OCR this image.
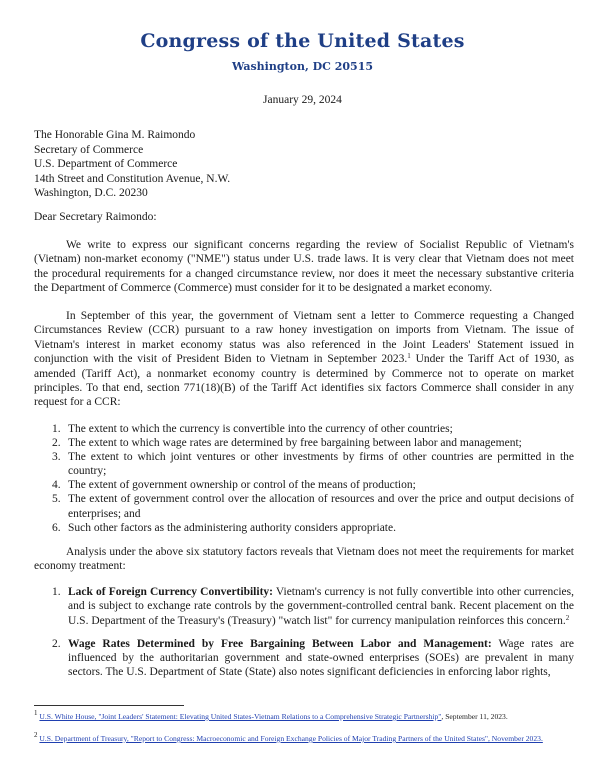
Congress of the United States
Washington, DC 20515
January 29, 2024
The Honorable Gina M. Raimondo
Secretary of Commerce
U.S. Department of Commerce
14th Street and Constitution Avenue, N.W.
Washington, D.C. 20230
Dear Secretary Raimondo:

We write to express our significant concerns regarding the review of Socialist Republic of Vietnam's (Vietnam) non-market economy ("NME") status under U.S. trade laws. It is very clear that Vietnam does not meet the procedural requirements for a changed circumstance review, nor does it meet the necessary substantive criteria the Department of Commerce (Commerce) must consider for it to be designated a market economy.

In September of this year, the government of Vietnam sent a letter to Commerce requesting a Changed Circumstances Review (CCR) pursuant to a raw honey investigation on imports from Vietnam. The issue of Vietnam's interest in market economy status was also referenced in the Joint Leaders' Statement issued in conjunction with the visit of President Biden to Vietnam in September 2023.$^1$ Under the Tariff Act of 1930, as amended (Tariff Act), a nonmarket economy country is determined by Commerce not to operate on market principles. To that end, section 771(18)(B) of the Tariff Act identifies six factors Commerce shall consider in any request for a CCR:

1. The extent to which the currency is convertible into the currency of other countries;
2. The extent to which wage rates are determined by free bargaining between labor and management;
3. The extent to which joint ventures or other investments by firms of other countries are permitted in the country;
4. The extent of government ownership or control of the means of production;
5. The extent of government control over the allocation of resources and over the price and output decisions of enterprises; and
6. Such other factors as the administering authority considers appropriate.

Analysis under the above six statutory factors reveals that Vietnam does not meet the requirements for market economy treatment:

1. Lack of Foreign Currency Convertibility: Vietnam's currency is not fully convertible into other currencies, and is subject to exchange rate controls by the government-controlled central bank. Recent placement on the U.S. Department of the Treasury's (Treasury) "watch list" for currency manipulation reinforces this concern.$^2$
2. Wage Rates Determined by Free Bargaining Between Labor and Management: Wage rates are influenced by the authoritarian government and state-owned enterprises (SOEs) are prevalent in many sectors. The U.S. Department of State (State) also notes significant deficiencies in enforcing labor rights,
$^1$ U.S. White House, "Joint Leaders' Statement: Elevating United States-Vietnam Relations to a Comprehensive Strategic Partnership", September 11, 2023.
$^2$ U.S. Department of Treasury, "Report to Congress: Macroeconomic and Foreign Exchange Policies of Major Trading Partners of the United States", November 2023.
